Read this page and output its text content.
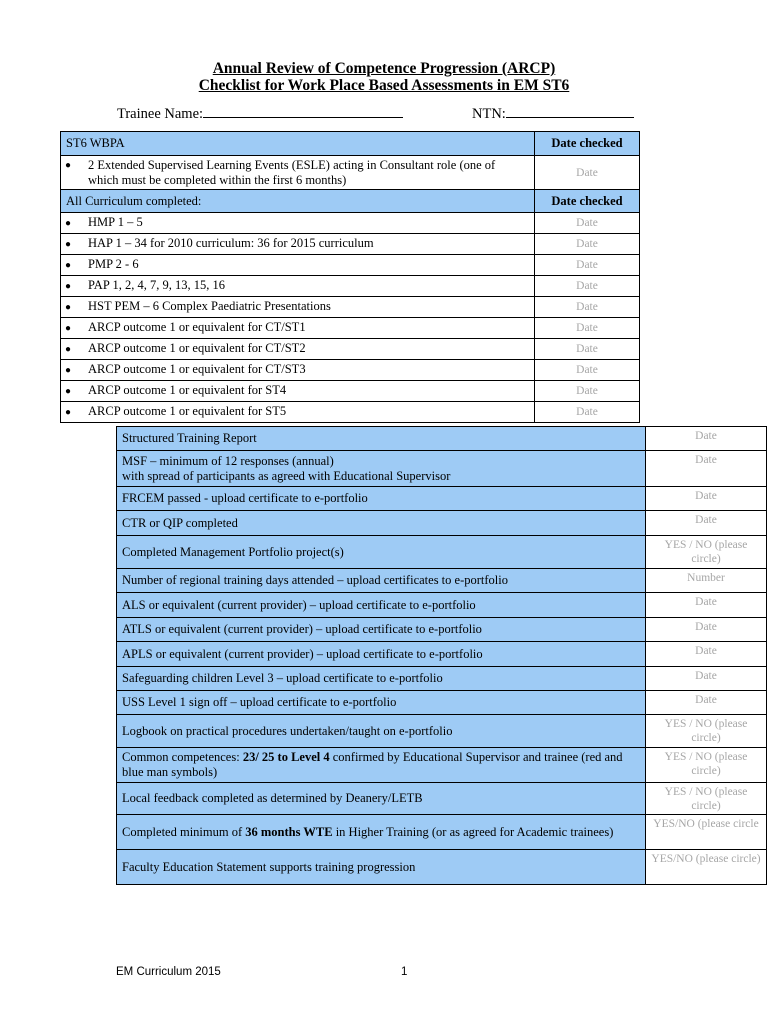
Annual Review of Competence Progression (ARCP)
Checklist for Work Place Based Assessments in EM ST6
Trainee Name:	NTN:
ST6 WBPA	Date checked

● 2 Extended Supervised Learning Events (ESLE) acting in Consultant role (one of
which must be completed within the first 6 months)	Date
All Curriculum completed:	Date checked
● HMP 1 – 5	Date
● HAP 1 – 34 for 2010 curriculum: 36 for 2015 curriculum	Date
● PMP 2 - 6	Date
● PAP 1, 2, 4, 7, 9, 13, 15, 16	Date
● HST PEM – 6 Complex Paediatric Presentations	Date
● ARCP outcome 1 or equivalent for CT/ST1	Date
● ARCP outcome 1 or equivalent for CT/ST2	Date
● ARCP outcome 1 or equivalent for CT/ST3	Date
● ARCP outcome 1 or equivalent for ST4	Date
● ARCP outcome 1 or equivalent for ST5	Date
Structured Training Report	Date
MSF – minimum of 12 responses (annual)
with spread of participants as agreed with Educational Supervisor	Date
FRCEM passed - upload certificate to e-portfolio	Date
CTR or QIP completed	Date
Completed Management Portfolio project(s)	YES / NO (please circle)
Number of regional training days attended – upload certificates to e-portfolio	Number
ALS or equivalent (current provider) – upload certificate to e-portfolio	Date
ATLS or equivalent (current provider) – upload certificate to e-portfolio	Date
APLS or equivalent (current provider) – upload certificate to e-portfolio	Date
Safeguarding children Level 3 – upload certificate to e-portfolio	Date
USS Level 1 sign off – upload certificate to e-portfolio	Date
Logbook on practical procedures undertaken/taught on e-portfolio	YES / NO (please circle)
Common competences: 23/ 25 to Level 4 confirmed by Educational Supervisor and trainee (red and blue man symbols)	YES / NO (please circle)
Local feedback completed as determined by Deanery/LETB	YES / NO (please circle)
Completed minimum of 36 months WTE in Higher Training (or as agreed for Academic trainees)	YES/NO (please circle
Faculty Education Statement supports training progression	YES/NO (please circle)
EM Curriculum 2015	1
